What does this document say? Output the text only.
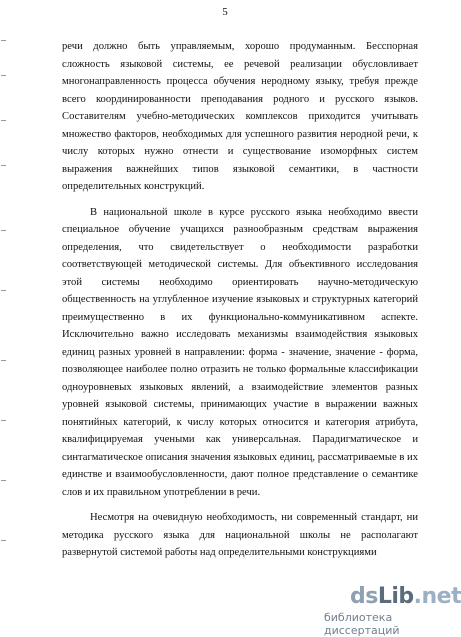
5

речи должно быть управляемым, хорошо продуманным. Бесспорная сложность языковой системы, ее речевой реализации обусловливает многонаправленность процесса обучения неродному языку, требуя прежде всего координированности преподавания родного и русского языков. Составителям учебно-методических комплексов приходится учитывать множество факторов, необходимых для успешного развития неродной речи, к числу которых нужно отнести и существование изоморфных систем выражения важнейших типов языковой семантики, в частности определительных конструкций.

В национальной школе в курсе русского языка необходимо ввести специальное обучение учащихся разнообразным средствам выражения определения, что свидетельствует о необходимости разработки соответствующей методической системы. Для объективного исследования этой системы необходимо ориентировать научно-методическую общественность на углубленное изучение языковых и структурных категорий преимущественно в их функционально-коммуникативном аспекте. Исключительно важно исследовать механизмы взаимодействия языковых единиц разных уровней в направлении: форма - значение, значение - форма, позволяющее наиболее полно отразить не только формальные классификации одноуровневых языковых явлений, а взаимодействие элементов разных уровней языковой системы, принимающих участие в выражении важных понятийных категорий, к числу которых относится и категория атрибута, квалифицируемая учеными как универсальная. Парадигматическое и синтагматическое описания значения языковых единиц, рассматриваемые в их единстве и взаимообусловленности, дают полное представление о семантике слов и их правильном употреблении в речи.

Несмотря на очевидную необходимость, ни современный стандарт, ни методика русского языка для национальной школы не располагают развернутой системой работы над определительными конструкциями

dsLib.net
библиотека диссертаций
